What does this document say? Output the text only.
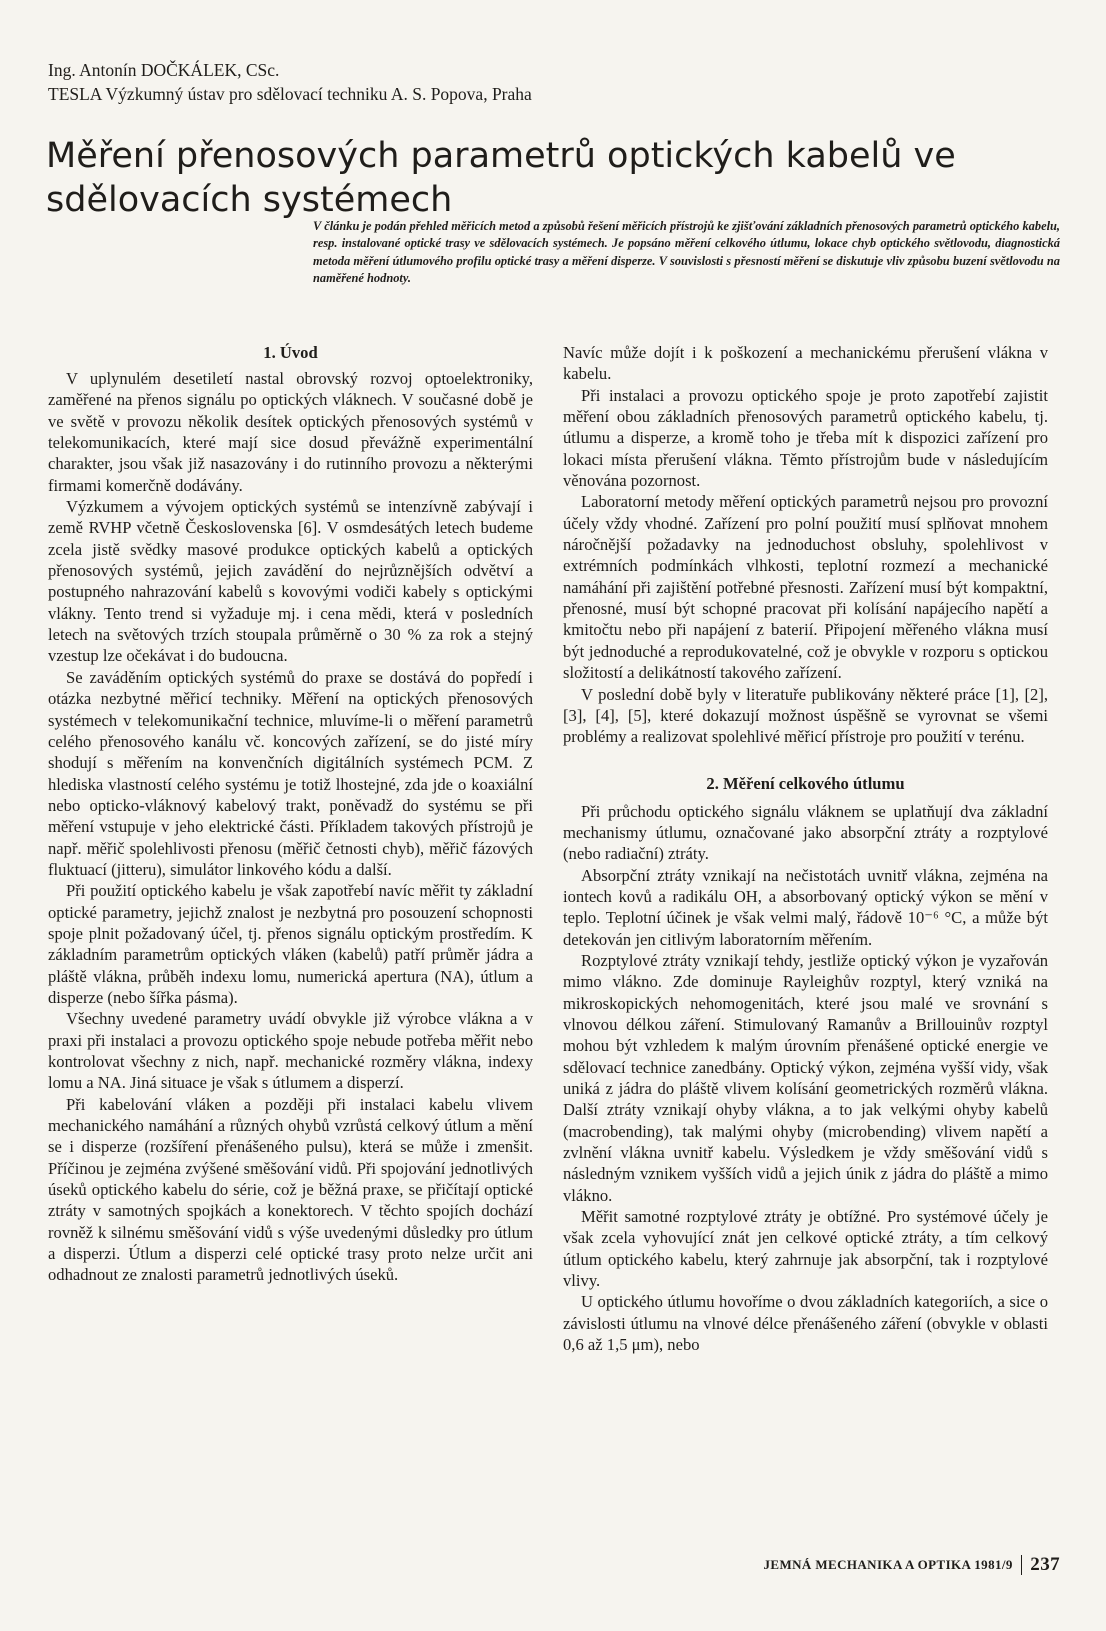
Ing. Antonín DOČKÁLEK, CSc.
TESLA Výzkumný ústav pro sdělovací techniku A. S. Popova, Praha
Měření přenosových parametrů optických kabelů ve sdělovacích systémech

V článku je podán přehled měřicích metod a způsobů řešení měřicích přístrojů ke zjišťování základních přenosových parametrů optického kabelu, resp. instalované optické trasy ve sdělovacích systémech. Je popsáno měření celkového útlumu, lokace chyb optického světlovodu, diagnostická metoda měření útlumového profilu optické trasy a měření disperze. V souvislosti s přesností měření se diskutuje vliv způsobu buzení světlovodu na naměřené hodnoty.

1. Úvod

V uplynulém desetiletí nastal obrovský rozvoj optoelektroniky, zaměřené na přenos signálu po optických vláknech. V současné době je ve světě v provozu několik desítek optických přenosových systémů v telekomunikacích, které mají sice dosud převážně experimentální charakter, jsou však již nasazovány i do rutinního provozu a některými firmami komerčně dodávány.

Výzkumem a vývojem optických systémů se intenzívně zabývají i země RVHP včetně Československa [6]. V osmdesátých letech budeme zcela jistě svědky masové produkce optických kabelů a optických přenosových systémů, jejich zavádění do nejrůznějších odvětví a postupného nahrazování kabelů s kovovými vodiči kabely s optickými vlákny. Tento trend si vyžaduje mj. i cena mědi, která v posledních letech na světových trzích stoupala průměrně o 30 % za rok a stejný vzestup lze očekávat i do budoucna.

Se zaváděním optických systémů do praxe se dostává do popředí i otázka nezbytné měřicí techniky. Měření na optických přenosových systémech v telekomunikační technice, mluvíme-li o měření parametrů celého přenosového kanálu vč. koncových zařízení, se do jisté míry shodují s měřením na konvenčních digitálních systémech PCM. Z hlediska vlastností celého systému je totiž lhostejné, zda jde o koaxiální nebo opticko-vláknový kabelový trakt, poněvadž do systému se při měření vstupuje v jeho elektrické části. Příkladem takových přístrojů je např. měřič spolehlivosti přenosu (měřič četnosti chyb), měřič fázových fluktuací (jitteru), simulátor linkového kódu a další.

Při použití optického kabelu je však zapotřebí navíc měřit ty základní optické parametry, jejichž znalost je nezbytná pro posouzení schopnosti spoje plnit požadovaný účel, tj. přenos signálu optickým prostředím. K základním parametrům optických vláken (kabelů) patří průměr jádra a pláště vlákna, průběh indexu lomu, numerická apertura (NA), útlum a disperze (nebo šířka pásma).

Všechny uvedené parametry uvádí obvykle již výrobce vlákna a v praxi při instalaci a provozu optického spoje nebude potřeba měřit nebo kontrolovat všechny z nich, např. mechanické rozměry vlákna, indexy lomu a NA. Jiná situace je však s útlumem a disperzí.

Při kabelování vláken a později při instalaci kabelu vlivem mechanického namáhání a různých ohybů vzrůstá celkový útlum a mění se i disperze (rozšíření přenášeného pulsu), která se může i zmenšit. Příčinou je zejména zvýšené směšování vidů. Při spojování jednotlivých úseků optického kabelu do série, což je běžná praxe, se přičítají optické ztráty v samotných spojkách a konektorech. V těchto spojích dochází rovněž k silnému směšování vidů s výše uvedenými důsledky pro útlum a disperzi. Útlum a disperzi celé optické trasy proto nelze určit ani odhadnout ze znalosti parametrů jednotlivých úseků.

Navíc může dojít i k poškození a mechanickému přerušení vlákna v kabelu.

Při instalaci a provozu optického spoje je proto zapotřebí zajistit měření obou základních přenosových parametrů optického kabelu, tj. útlumu a disperze, a kromě toho je třeba mít k dispozici zařízení pro lokaci místa přerušení vlákna. Těmto přístrojům bude v následujícím věnována pozornost.

Laboratorní metody měření optických parametrů nejsou pro provozní účely vždy vhodné. Zařízení pro polní použití musí splňovat mnohem náročnější požadavky na jednoduchost obsluhy, spolehlivost v extrémních podmínkách vlhkosti, teplotní rozmezí a mechanické namáhání při zajištění potřebné přesnosti. Zařízení musí být kompaktní, přenosné, musí být schopné pracovat při kolísání napájecího napětí a kmitočtu nebo při napájení z baterií. Připojení měřeného vlákna musí být jednoduché a reprodukovatelné, což je obvykle v rozporu s optickou složitostí a delikátností takového zařízení.

V poslední době byly v literatuře publikovány některé práce [1], [2], [3], [4], [5], které dokazují možnost úspěšně se vyrovnat se všemi problémy a realizovat spolehlivé měřicí přístroje pro použití v terénu.

2. Měření celkového útlumu

Při průchodu optického signálu vláknem se uplatňují dva základní mechanismy útlumu, označované jako absorpční ztráty a rozptylové (nebo radiační) ztráty.

Absorpční ztráty vznikají na nečistotách uvnitř vlákna, zejména na iontech kovů a radikálu OH, a absorbovaný optický výkon se mění v teplo. Teplotní účinek je však velmi malý, řádově 10⁻⁶ °C, a může být detekován jen citlivým laboratorním měřením.

Rozptylové ztráty vznikají tehdy, jestliže optický výkon je vyzařován mimo vlákno. Zde dominuje Rayleighův rozptyl, který vzniká na mikroskopických nehomogenitách, které jsou malé ve srovnání s vlnovou délkou záření. Stimulovaný Ramanův a Brillouinův rozptyl mohou být vzhledem k malým úrovním přenášené optické energie ve sdělovací technice zanedbány. Optický výkon, zejména vyšší vidy, však uniká z jádra do pláště vlivem kolísání geometrických rozměrů vlákna. Další ztráty vznikají ohyby vlákna, a to jak velkými ohyby kabelů (macrobending), tak malými ohyby (microbending) vlivem napětí a zvlnění vlákna uvnitř kabelu. Výsledkem je vždy směšování vidů s následným vznikem vyšších vidů a jejich únik z jádra do pláště a mimo vlákno.

Měřit samotné rozptylové ztráty je obtížné. Pro systémové účely je však zcela vyhovující znát jen celkové optické ztráty, a tím celkový útlum optického kabelu, který zahrnuje jak absorpční, tak i rozptylové vlivy.

U optického útlumu hovoříme o dvou základních kategoriích, a sice o závislosti útlumu na vlnové délce přenášeného záření (obvykle v oblasti 0,6 až 1,5 μm), nebo

JEMNÁ MECHANIKA A OPTIKA 1981/9 237
